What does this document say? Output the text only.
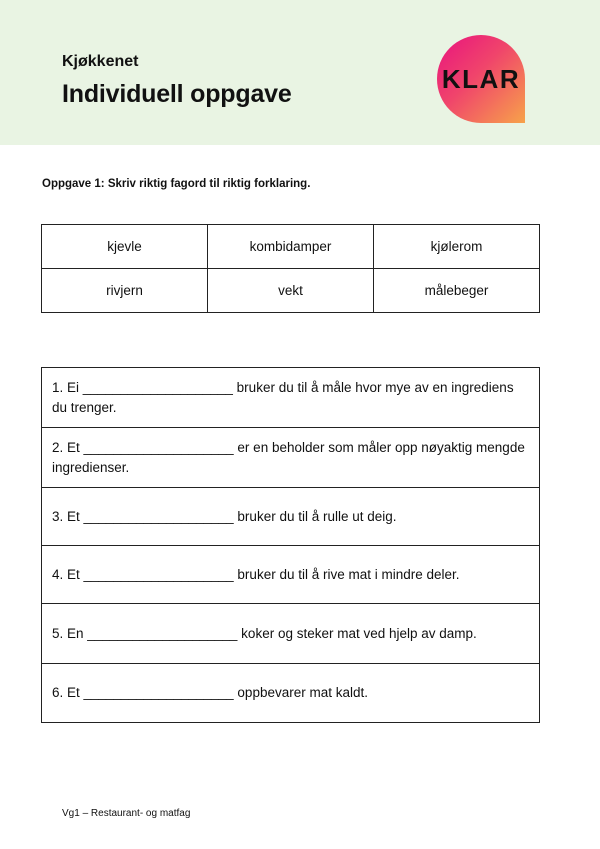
Kjøkkenet
Individuell oppgave
KLAR
Oppgave 1: Skriv riktig fagord til riktig forklaring.
kjevle	kombidamper	kjølerom
rivjern	vekt	målebeger
1. Ei ____________________ bruker du til å måle hvor mye av en ingrediens du trenger.
2. Et ____________________ er en beholder som måler opp nøyaktig mengde ingredienser.
3. Et ____________________ bruker du til å rulle ut deig.
4. Et ____________________ bruker du til å rive mat i mindre deler.
5. En ____________________ koker og steker mat ved hjelp av damp.
6. Et ____________________ oppbevarer mat kaldt.
Vg1 – Restaurant- og matfag
